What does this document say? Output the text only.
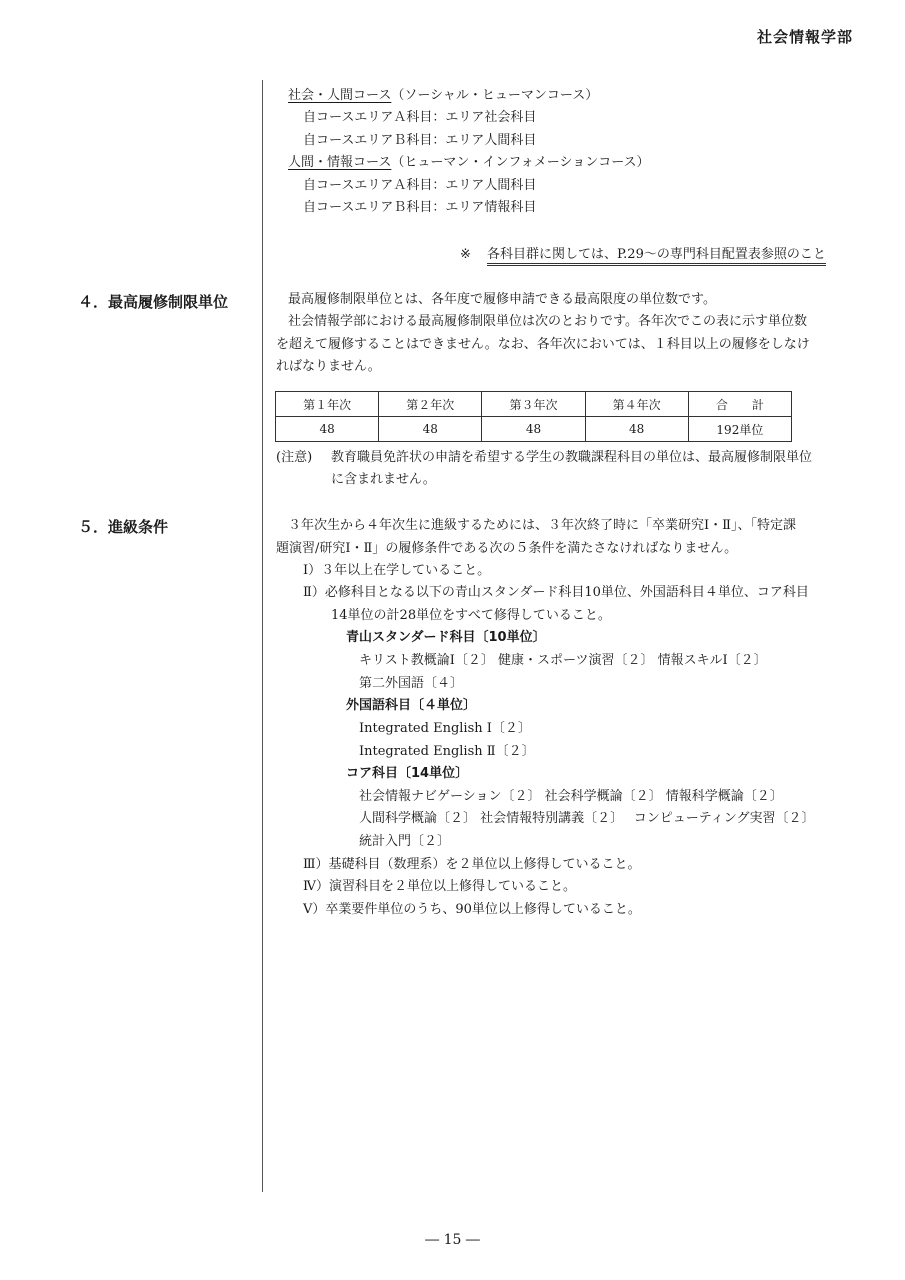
社会情報学部
社会・人間コース（ソーシャル・ヒューマンコース）
自コースエリアＡ科目：エリア社会科目
自コースエリアＢ科目：エリア人間科目
人間・情報コース（ヒューマン・インフォメーションコース）
自コースエリアＡ科目：エリア人間科目
自コースエリアＢ科目：エリア情報科目
※ 各科目群に関しては、P.29～の専門科目配置表参照のこと
４．最高履修制限単位	最高履修制限単位とは、各年度で履修申請できる最高限度の単位数です。
社会情報学部における最高履修制限単位は次のとおりです。各年次でこの表に示す単位数
を超えて履修することはできません。なお、各年次においては、１科目以上の履修をしなけ
ればなりません。
第１年次	第２年次	第３年次	第４年次	合　　計
48	48	48	48	192単位
(注意) 教育職員免許状の申請を希望する学生の教職課程科目の単位は、最高履修制限単位
に含まれません。
５．進級条件	３年次生から４年次生に進級するためには、３年次終了時に「卒業研究Ⅰ・Ⅱ」、「特定課
題演習/研究Ⅰ・Ⅱ」の履修条件である次の５条件を満たさなければなりません。
Ⅰ）３年以上在学していること。
Ⅱ）必修科目となる以下の青山スタンダード科目10単位、外国語科目４単位、コア科目
14単位の計28単位をすべて修得していること。
青山スタンダード科目〔10単位〕
キリスト教概論Ⅰ〔２〕 健康・スポーツ演習〔２〕 情報スキルⅠ〔２〕
第二外国語〔４〕
外国語科目〔４単位〕
Integrated English Ⅰ〔２〕
Integrated English Ⅱ〔２〕
コア科目〔14単位〕
社会情報ナビゲーション〔２〕 社会科学概論〔２〕 情報科学概論〔２〕
人間科学概論〔２〕 社会情報特別講義〔２〕　 コンピューティング実習〔２〕
統計入門〔２〕
Ⅲ）基礎科目（数理系）を２単位以上修得していること。
Ⅳ）演習科目を２単位以上修得していること。
Ⅴ）卒業要件単位のうち、90単位以上修得していること。
― 15 ―
